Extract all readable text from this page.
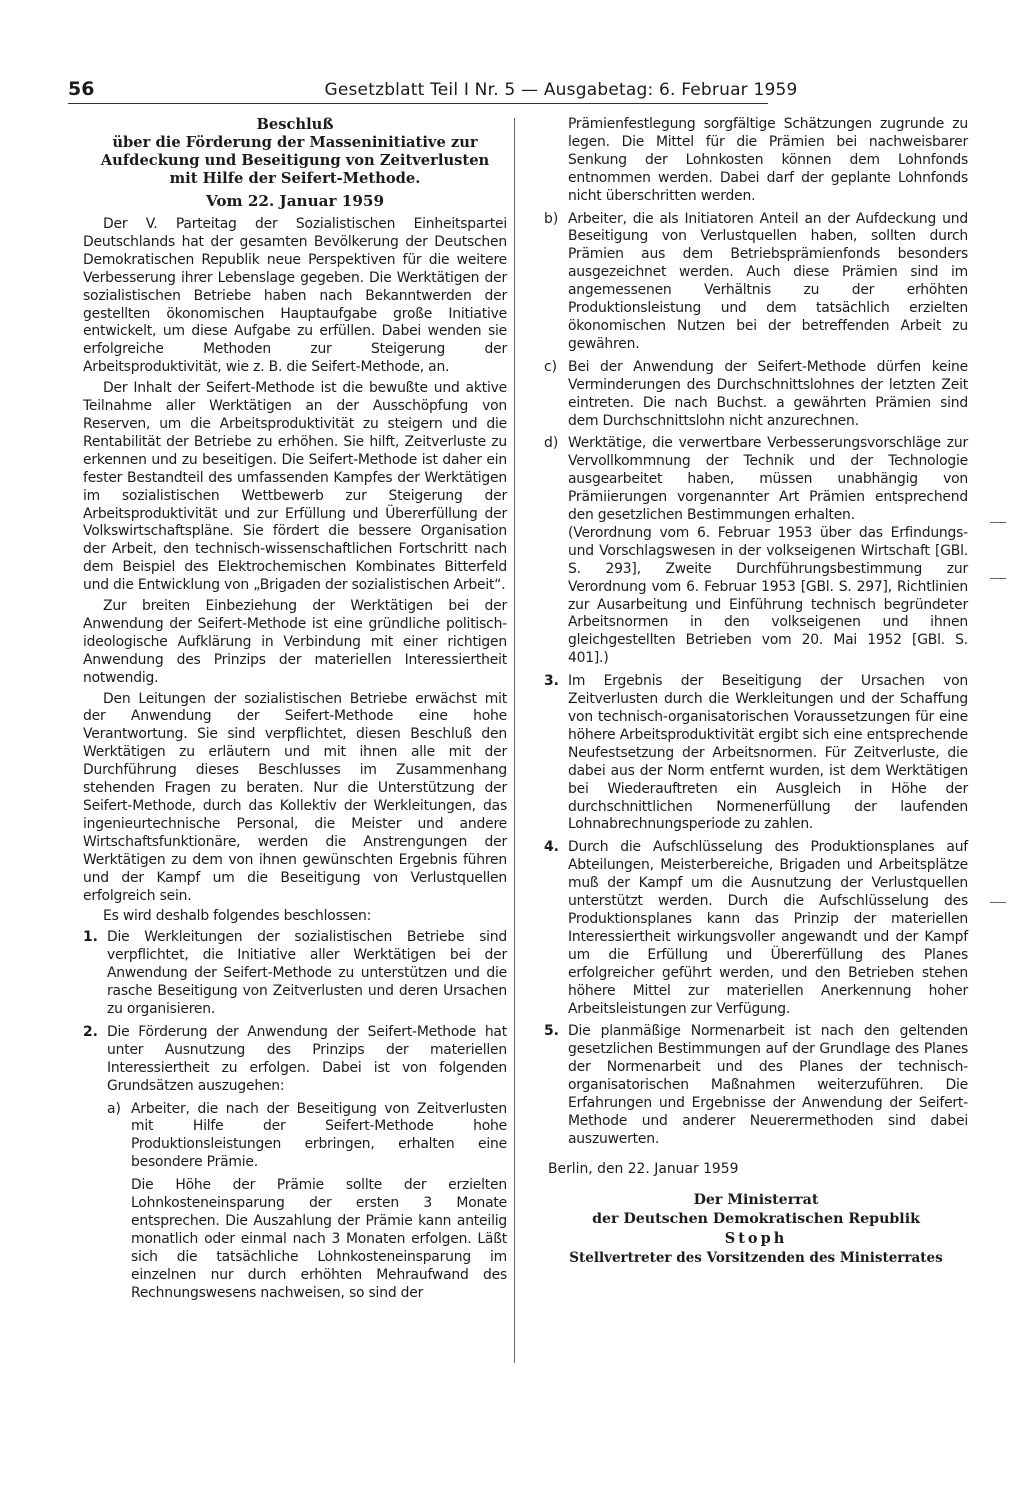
56	Gesetzblatt Teil I Nr. 5 — Ausgabetag: 6. Februar 1959

Beschluß

über die Förderung der Masseninitiative zur

Aufdeckung und Beseitigung von Zeitverlusten

mit Hilfe der Seifert-Methode.

Vom 22. Januar 1959

Der V. Parteitag der Sozialistischen Einheitspartei Deutschlands hat der gesamten Bevölkerung der Deutschen Demokratischen Republik neue Perspektiven für die weitere Verbesserung ihrer Lebenslage gegeben. Die Werktätigen der sozialistischen Betriebe haben nach Bekanntwerden der gestellten ökonomischen Hauptaufgabe große Initiative entwickelt, um diese Aufgabe zu erfüllen. Dabei wenden sie erfolgreiche Methoden zur Steigerung der Arbeitsproduktivität, wie z. B. die Seifert-Methode, an.

Der Inhalt der Seifert-Methode ist die bewußte und aktive Teilnahme aller Werktätigen an der Ausschöpfung von Reserven, um die Arbeitsproduktivität zu steigern und die Rentabilität der Betriebe zu erhöhen. Sie hilft, Zeitverluste zu erkennen und zu beseitigen. Die Seifert-Methode ist daher ein fester Bestandteil des umfassenden Kampfes der Werktätigen im sozialistischen Wettbewerb zur Steigerung der Arbeitsproduktivität und zur Erfüllung und Übererfüllung der Volkswirtschaftspläne. Sie fördert die bessere Organisation der Arbeit, den technisch-wissenschaftlichen Fortschritt nach dem Beispiel des Elektrochemischen Kombinates Bitterfeld und die Entwicklung von „Brigaden der sozialistischen Arbeit“.

Zur breiten Einbeziehung der Werktätigen bei der Anwendung der Seifert-Methode ist eine gründliche politisch-ideologische Aufklärung in Verbindung mit einer richtigen Anwendung des Prinzips der materiellen Interessiertheit notwendig.

Den Leitungen der sozialistischen Betriebe erwächst mit der Anwendung der Seifert-Methode eine hohe Verantwortung. Sie sind verpflichtet, diesen Beschluß den Werktätigen zu erläutern und mit ihnen alle mit der Durchführung dieses Beschlusses im Zusammenhang stehenden Fragen zu beraten. Nur die Unterstützung der Seifert-Methode, durch das Kollektiv der Werkleitungen, das ingenieurtechnische Personal, die Meister und andere Wirtschaftsfunktionäre, werden die Anstrengungen der Werktätigen zu dem von ihnen gewünschten Ergebnis führen und der Kampf um die Beseitigung von Verlustquellen erfolgreich sein.

Es wird deshalb folgendes beschlossen:

1. Die Werkleitungen der sozialistischen Betriebe sind verpflichtet, die Initiative aller Werktätigen bei der Anwendung der Seifert-Methode zu unterstützen und die rasche Beseitigung von Zeitverlusten und deren Ursachen zu organisieren.
2. Die Förderung der Anwendung der Seifert-Methode hat unter Ausnutzung des Prinzips der materiellen Interessiertheit zu erfolgen. Dabei ist von folgenden Grundsätzen auszugehen:
a) Arbeiter, die nach der Beseitigung von Zeitverlusten mit Hilfe der Seifert-Methode hohe Produktionsleistungen erbringen, erhalten eine besondere Prämie.

Die Höhe der Prämie sollte der erzielten Lohnkosteneinsparung der ersten 3 Monate entsprechen. Die Auszahlung der Prämie kann anteilig monatlich oder einmal nach 3 Monaten erfolgen. Läßt sich die tatsächliche Lohnkosteneinsparung im einzelnen nur durch erhöhten Mehraufwand des Rechnungswesens nachweisen, so sind der

Prämienfestlegung sorgfältige Schätzungen zugrunde zu legen. Die Mittel für die Prämien bei nachweisbarer Senkung der Lohnkosten können dem Lohnfonds entnommen werden. Dabei darf der geplante Lohnfonds nicht überschritten werden.

b) Arbeiter, die als Initiatoren Anteil an der Aufdeckung und Beseitigung von Verlustquellen haben, sollten durch Prämien aus dem Betriebsprämienfonds besonders ausgezeichnet werden. Auch diese Prämien sind im angemessenen Verhältnis zu der erhöhten Produktionsleistung und dem tatsächlich erzielten ökonomischen Nutzen bei der betreffenden Arbeit zu gewähren.
c) Bei der Anwendung der Seifert-Methode dürfen keine Verminderungen des Durchschnittslohnes der letzten Zeit eintreten. Die nach Buchst. a gewährten Prämien sind dem Durchschnittslohn nicht anzurechnen.
d) Werktätige, die verwertbare Verbesserungsvorschläge zur Vervollkommnung der Technik und der Technologie ausgearbeitet haben, müssen unabhängig von Prämiierungen vorgenannter Art Prämien entsprechend den gesetzlichen Bestimmungen erhalten.

(Verordnung vom 6. Februar 1953 über das Erfindungs- und Vorschlagswesen in der volkseigenen Wirtschaft [GBl. S. 293], Zweite Durchführungsbestimmung zur Verordnung vom 6. Februar 1953 [GBl. S. 297], Richtlinien zur Ausarbeitung und Einführung technisch begründeter Arbeitsnormen in den volkseigenen und ihnen gleichgestellten Betrieben vom 20. Mai 1952 [GBl. S. 401].)

3. Im Ergebnis der Beseitigung der Ursachen von Zeitverlusten durch die Werkleitungen und der Schaffung von technisch-organisatorischen Voraussetzungen für eine höhere Arbeitsproduktivität ergibt sich eine entsprechende Neufestsetzung der Arbeitsnormen. Für Zeitverluste, die dabei aus der Norm entfernt wurden, ist dem Werktätigen bei Wiederauftreten ein Ausgleich in Höhe der durchschnittlichen Normenerfüllung der laufenden Lohnabrechnungsperiode zu zahlen.
4. Durch die Aufschlüsselung des Produktionsplanes auf Abteilungen, Meisterbereiche, Brigaden und Arbeitsplätze muß der Kampf um die Ausnutzung der Verlustquellen unterstützt werden. Durch die Aufschlüsselung des Produktionsplanes kann das Prinzip der materiellen Interessiertheit wirkungsvoller angewandt und der Kampf um die Erfüllung und Übererfüllung des Planes erfolgreicher geführt werden, und den Betrieben stehen höhere Mittel zur materiellen Anerkennung hoher Arbeitsleistungen zur Verfügung.
5. Die planmäßige Normenarbeit ist nach den geltenden gesetzlichen Bestimmungen auf der Grundlage des Planes der Normenarbeit und des Planes der technisch-organisatorischen Maßnahmen weiterzuführen. Die Erfahrungen und Ergebnisse der Anwendung der Seifert-Methode und anderer Neuerermethoden sind dabei auszuwerten.

Berlin, den 22. Januar 1959

Der Ministerrat

der Deutschen Demokratischen Republik

Stoph

Stellvertreter des Vorsitzenden des Ministerrates
